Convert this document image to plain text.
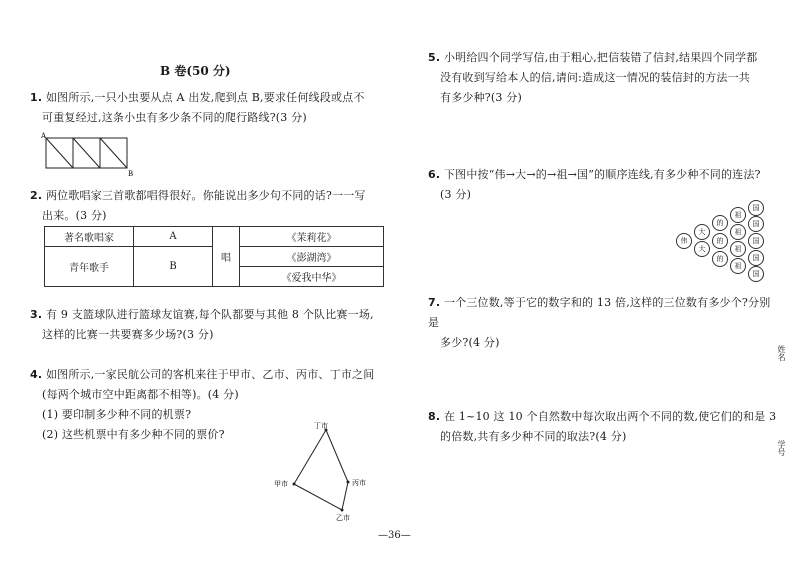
B 卷(50 分)
1. 如图所示,一只小虫要从点 A 出发,爬到点 B,要求任何线段或点不
可重复经过,这条小虫有多少条不同的爬行路线?(3 分)
A
B
2. 两位歌唱家三首歌都唱得很好。你能说出多少句不同的话?一一写
出来。(3 分)
著名歌唱家	A	唱	《茉莉花》
青年歌手	B		《澎湖湾》
			《爱我中华》
3. 有 9 支篮球队进行篮球友谊赛,每个队都要与其他 8 个队比赛一场,
这样的比赛一共要赛多少场?(3 分)
4. 如图所示,一家民航公司的客机来往于甲市、乙市、丙市、丁市之间
(每两个城市空中距离都不相等)。(4 分)
(1) 要印制多少种不同的机票?
(2) 这些机票中有多少种不同的票价?
丁市
甲市	丙市
乙市
5. 小明给四个同学写信,由于粗心,把信装错了信封,结果四个同学都
没有收到写给本人的信,请问:造成这一情况的装信封的方法一共
有多少种?(3 分)
6. 下图中按“伟→大→的→祖→国”的顺序连线,有多少种不同的连法?
(3 分)
伟
大
大
的
的
的
祖
祖
祖
祖
国
国
国
国
国
7. 一个三位数,等于它的数字和的 13 倍,这样的三位数有多少个?分别是
多少?(4 分)
8. 在 1~10 这 10 个自然数中每次取出两个不同的数,使它们的和是 3
的倍数,共有多少种不同的取法?(4 分)
姓名
学号
—36—
